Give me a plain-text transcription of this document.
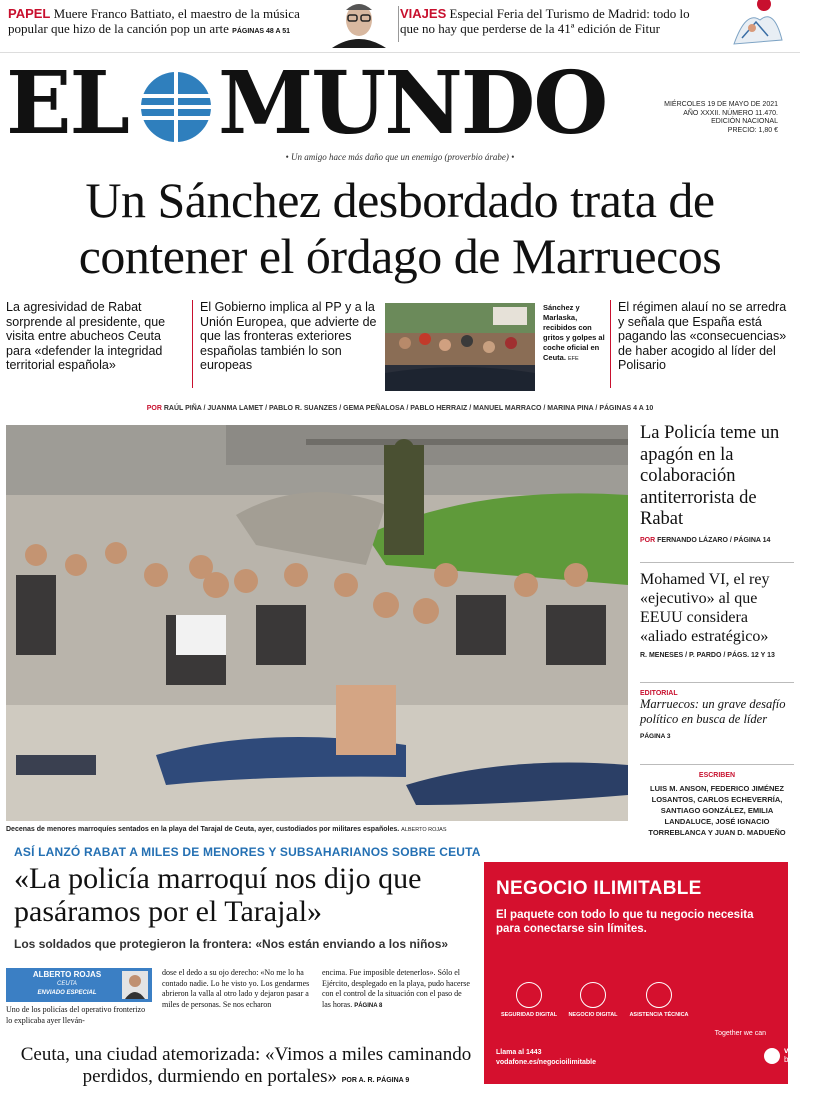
PAPEL Muere Franco Battiato, el maestro de la música popular que hizo de la canción pop un arte PÁGINAS 48 A 51
VIAJES Especial Feria del Turismo de Madrid: todo lo que no hay que perderse de la 41ª edición de Fitur
EL MUNDO	MIÉRCOLES 19 DE MAYO DE 2021
AÑO XXXII. NÚMERO 11.470.
EDICIÓN NACIONAL
PRECIO: 1,80 €
• Un amigo hace más daño que un enemigo (proverbio árabe) •
Un Sánchez desbordado trata de contener el órdago de Marruecos
La agresividad de Rabat sorprende al presidente, que visita entre abucheos Ceuta para «defender la integridad territorial española»
El Gobierno implica al PP y a la Unión Europea, que advierte de que las fronteras exteriores españolas también lo son europeas
Sánchez y Marlaska, recibidos con gritos y golpes al coche oficial en Ceuta. EFE
El régimen alauí no se arredra y señala que España está pagando las «consecuencias» de haber acogido al líder del Polisario
POR RAÚL PIÑA / JUANMA LAMET / PABLO R. SUANZES / GEMA PEÑALOSA / PABLO HERRAIZ / MANUEL MARRACO / MARINA PINA / PÁGINAS 4 A 10
Decenas de menores marroquíes sentados en la playa del Tarajal de Ceuta, ayer, custodiados por militares españoles. ALBERTO ROJAS
La Policía teme un apagón en la colaboración antiterrorista de Rabat
POR FERNANDO LÁZARO / PÁGINA 14
Mohamed VI, el rey «ejecutivo» al que EEUU considera «aliado estratégico»
R. MENESES / P. PARDO / PÁGS. 12 Y 13
EDITORIAL
Marruecos: un grave desafío político en busca de líder PÁGINA 3
ESCRIBEN
LUIS M. ANSON, FEDERICO JIMÉNEZ LOSANTOS, CARLOS ECHEVERRÍA, SANTIAGO GONZÁLEZ, EMILIA LANDALUCE, JOSÉ IGNACIO TORREBLANCA Y JUAN D. MADUEÑO
ASÍ LANZÓ RABAT A MILES DE MENORES Y SUBSAHARIANOS SOBRE CEUTA
«La policía marroquí nos dijo que pasáramos por el Tarajal»
Los soldados que protegieron la frontera: «Nos están enviando a los niños»
ALBERTO ROJAS
CEUTA
ENVIADO ESPECIAL
Uno de los policías del operativo fronterizo lo explicaba ayer lleván-
dose el dedo a su ojo derecho: «No me lo ha contado nadie. Lo he visto yo. Los gendarmes abrieron la valla al otro lado y dejaron pasar a miles de personas. Se nos echaron
encima. Fue imposible detenerlos». Sólo el Ejército, desplegado en la playa, pudo hacerse con el control de la situación con el paso de las horas. PÁGINA 8
Ceuta, una ciudad atemorizada: «Vimos a miles caminando perdidos, durmiendo en portales» POR A. R. PÁGINA 9
NEGOCIO ILIMITABLE
El paquete con todo lo que tu negocio necesita para conectarse sin límites.
SEGURIDAD DIGITAL	NEGOCIO DIGITAL	ASISTENCIA TÉCNICA
Llama al 1443
vodafone.es/negocioilimitable
Together we can
vodafone
business
